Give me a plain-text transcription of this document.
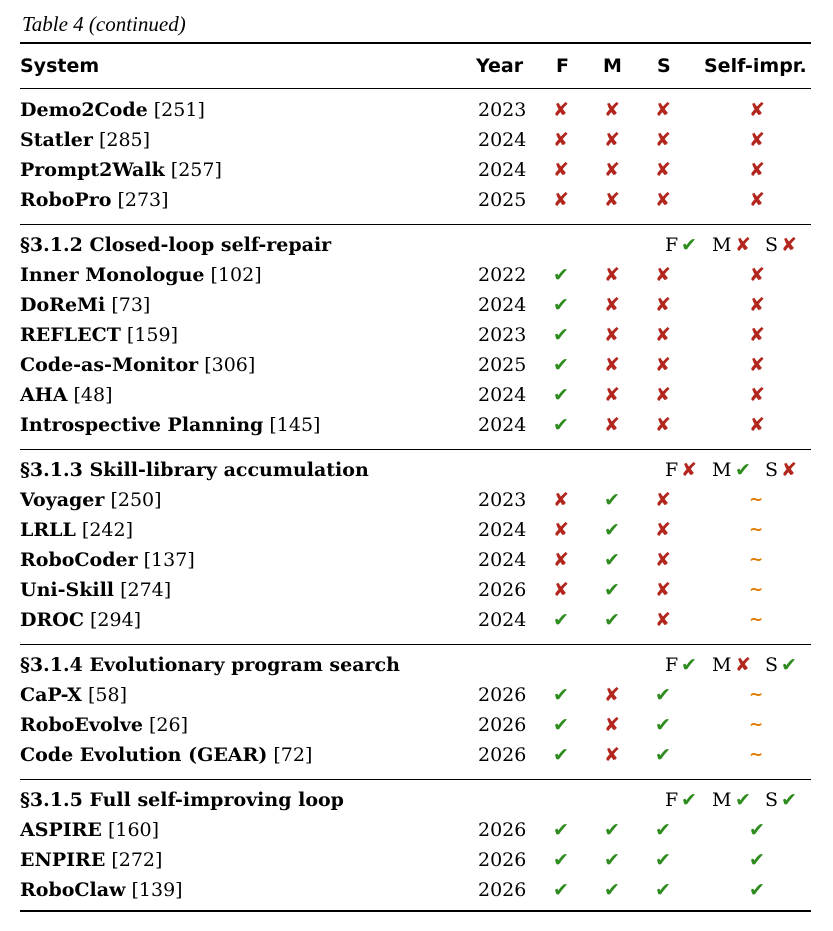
Table 4 (continued)
System	Year F M S Self-impr.
Demo2Code [251]	2023 ✘ ✘ ✘	✘
Statler [285]	2024 ✘ ✘ ✘	✘
Prompt2Walk [257]	2024 ✘ ✘ ✘	✘
RoboPro [273]	2025 ✘ ✘ ✘	✘
§3.1.2 Closed-loop self-repair	F ✔ M ✘ S ✘
Inner Monologue [102]	2022 ✔ ✘ ✘	✘
DoReMi [73]	2024 ✔ ✘ ✘	✘
REFLECT [159]	2023 ✔ ✘ ✘	✘
Code-as-Monitor [306]	2025 ✔ ✘ ✘	✘
AHA [48]	2024 ✔ ✘ ✘	✘
Introspective Planning [145]	2024 ✔ ✘ ✘	✘
§3.1.3 Skill-library accumulation	F ✘ M ✔ S ✘
Voyager [250]	2023 ✘ ✔ ✘	~
LRLL [242]	2024 ✘ ✔ ✘	~
RoboCoder [137]	2024 ✘ ✔ ✘	~
Uni-Skill [274]	2026 ✘ ✔ ✘	~
DROC [294]	2024 ✔ ✔ ✘	~
§3.1.4 Evolutionary program search	F ✔ M ✘ S ✔
CaP-X [58]	2026 ✔ ✘ ✔	~
RoboEvolve [26]	2026 ✔ ✘ ✔	~
Code Evolution (GEAR) [72]	2026 ✔ ✘ ✔	~
§3.1.5 Full self-improving loop	F ✔ M ✔ S ✔
ASPIRE [160]	2026 ✔ ✔ ✔	✔
ENPIRE [272]	2026 ✔ ✔ ✔	✔
RoboClaw [139]	2026 ✔ ✔ ✔	✔
